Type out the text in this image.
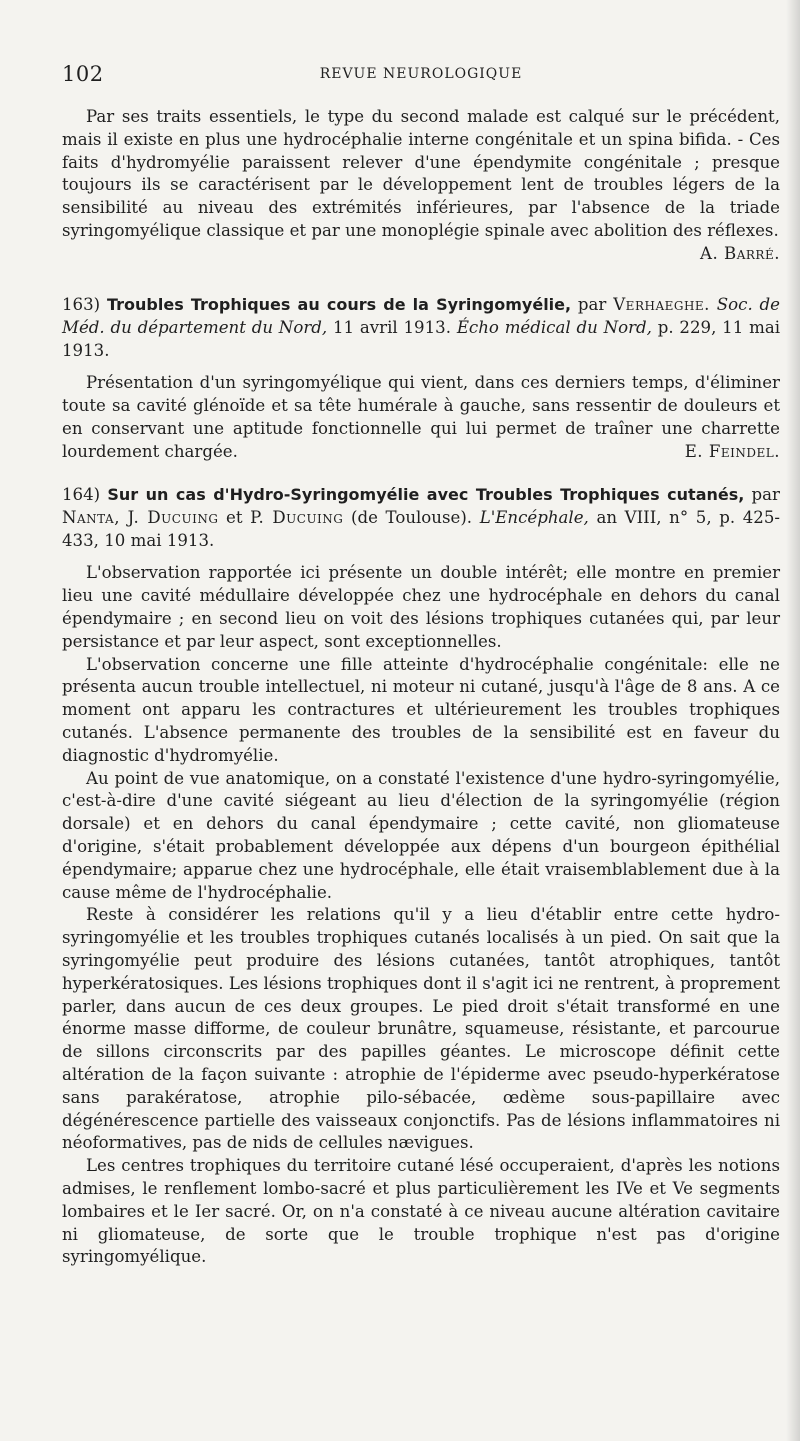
102	REVUE NEUROLOGIQUE

Par ses traits essentiels, le type du second malade est calqué sur le précédent, mais il existe en plus une hydrocéphalie interne congénitale et un spina bifida. - Ces faits d'hydromyélie paraissent relever d'une épendymite congénitale ; presque toujours ils se caractérisent par le développement lent de troubles légers de la sensibilité au niveau des extrémités inférieures, par l'absence de la triade syringomyélique classique et par une monoplégie spinale avec abolition des réflexes.
A. Barré.

163) Troubles Trophiques au cours de la Syringomyélie, par Verhaeghe. Soc. de Méd. du département du Nord, 11 avril 1913. Écho médical du Nord, p. 229, 11 mai 1913.

Présentation d'un syringomyélique qui vient, dans ces derniers temps, d'éliminer toute sa cavité glénoïde et sa tête humérale à gauche, sans ressentir de douleurs et en conservant une aptitude fonctionnelle qui lui permet de traîner une charrette lourdement chargée.	E. Feindel.

164) Sur un cas d'Hydro-Syringomyélie avec Troubles Trophiques cutanés, par Nanta, J. Ducuing et P. Ducuing (de Toulouse). L'Encéphale, an VIII, n° 5, p. 425-433, 10 mai 1913.

L'observation rapportée ici présente un double intérêt; elle montre en premier lieu une cavité médullaire développée chez une hydrocéphale en dehors du canal épendymaire ; en second lieu on voit des lésions trophiques cutanées qui, par leur persistance et par leur aspect, sont exceptionnelles.

L'observation concerne une fille atteinte d'hydrocéphalie congénitale: elle ne présenta aucun trouble intellectuel, ni moteur ni cutané, jusqu'à l'âge de 8 ans. A ce moment ont apparu les contractures et ultérieurement les troubles trophiques cutanés. L'absence permanente des troubles de la sensibilité est en faveur du diagnostic d'hydromyélie.

Au point de vue anatomique, on a constaté l'existence d'une hydro-syringomyélie, c'est-à-dire d'une cavité siégeant au lieu d'élection de la syringomyélie (région dorsale) et en dehors du canal épendymaire ; cette cavité, non gliomateuse d'origine, s'était probablement développée aux dépens d'un bourgeon épithélial épendymaire; apparue chez une hydrocéphale, elle était vraisemblablement due à la cause même de l'hydrocéphalie.

Reste à considérer les relations qu'il y a lieu d'établir entre cette hydro-syringomyélie et les troubles trophiques cutanés localisés à un pied. On sait que la syringomyélie peut produire des lésions cutanées, tantôt atrophiques, tantôt hyperkératosiques. Les lésions trophiques dont il s'agit ici ne rentrent, à proprement parler, dans aucun de ces deux groupes. Le pied droit s'était transformé en une énorme masse difforme, de couleur brunâtre, squameuse, résistante, et parcourue de sillons circonscrits par des papilles géantes. Le microscope définit cette altération de la façon suivante : atrophie de l'épiderme avec pseudo-hyperkératose sans parakératose, atrophie pilo-sébacée, œdème sous-papillaire avec dégénérescence partielle des vaisseaux conjonctifs. Pas de lésions inflammatoires ni néoformatives, pas de nids de cellules nævigues.

Les centres trophiques du territoire cutané lésé occuperaient, d'après les notions admises, le renflement lombo-sacré et plus particulièrement les IVe et Ve segments lombaires et le Ier sacré. Or, on n'a constaté à ce niveau aucune altération cavitaire ni gliomateuse, de sorte que le trouble trophique n'est pas d'origine syringomyélique.
